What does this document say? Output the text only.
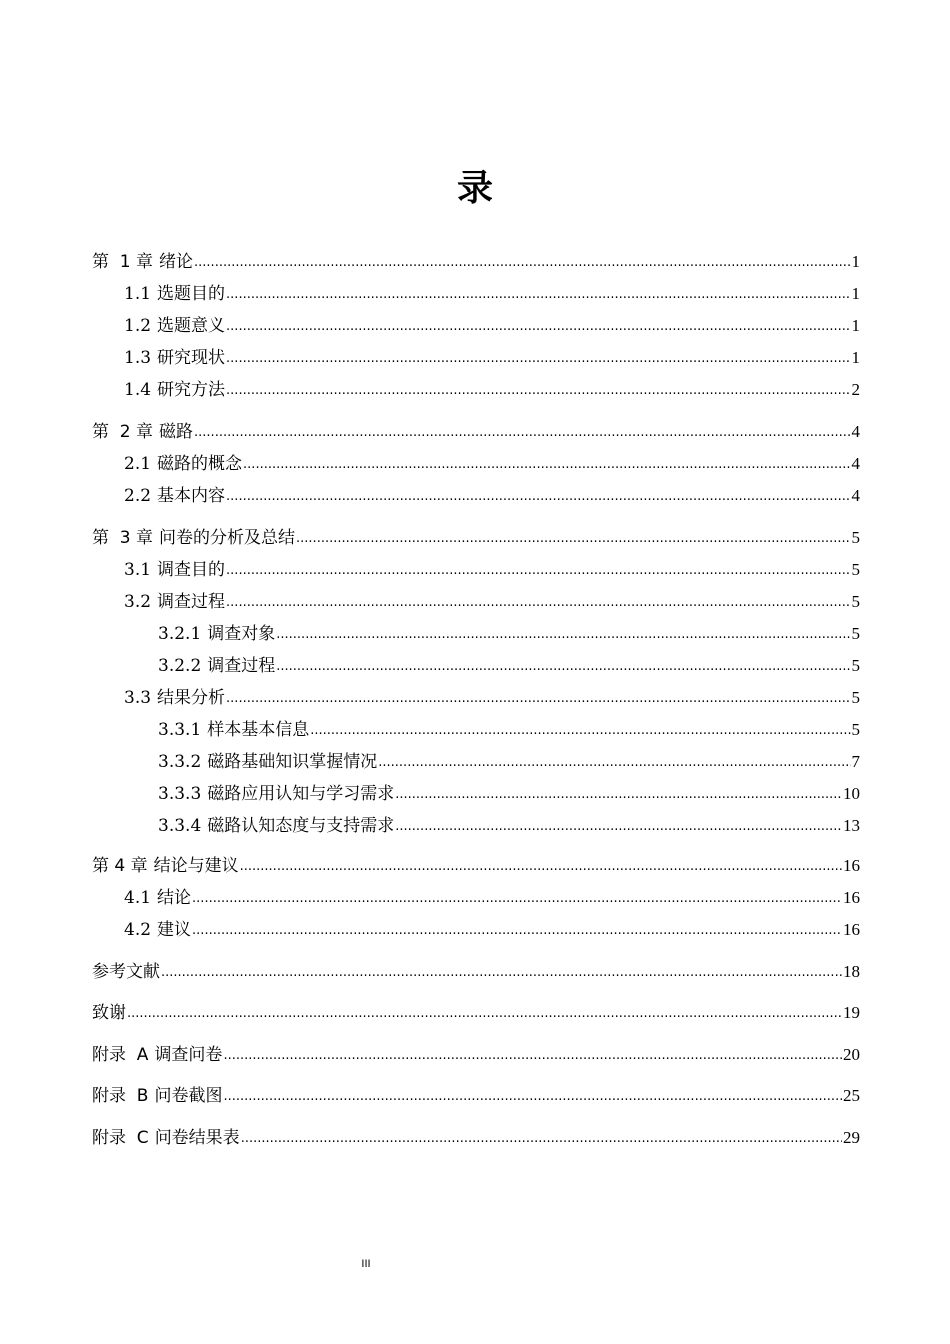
录
第  1 章 绪论 .....	1
1.1 选题目的 .....	1
1.2 选题意义 .....	1
1.3 研究现状 .....	1
1.4 研究方法 .....	2
第  2 章 磁路 .....	4
2.1 磁路的概念 .....	4
2.2 基本内容 .....	4
第  3 章 问卷的分析及总结 .....	5
3.1 调查目的 .....	5
3.2 调查过程 .....	5
3.2.1 调查对象 .....	5
3.2.2 调查过程 .....	5
3.3 结果分析 .....	5
3.3.1 样本基本信息 .....	5
3.3.2 磁路基础知识掌握情况 .....	7
3.3.3 磁路应用认知与学习需求 .....	10
3.3.4 磁路认知态度与支持需求 .....	13
第 4 章 结论与建议 .....	16
4.1 结论 .....	16
4.2 建议 .....	16
参考文献 .....	18
致谢 .....	19
附录  A 调查问卷 .....	20
附录  B 问卷截图 .....	25
附录  C 问卷结果表 .....	29
III
